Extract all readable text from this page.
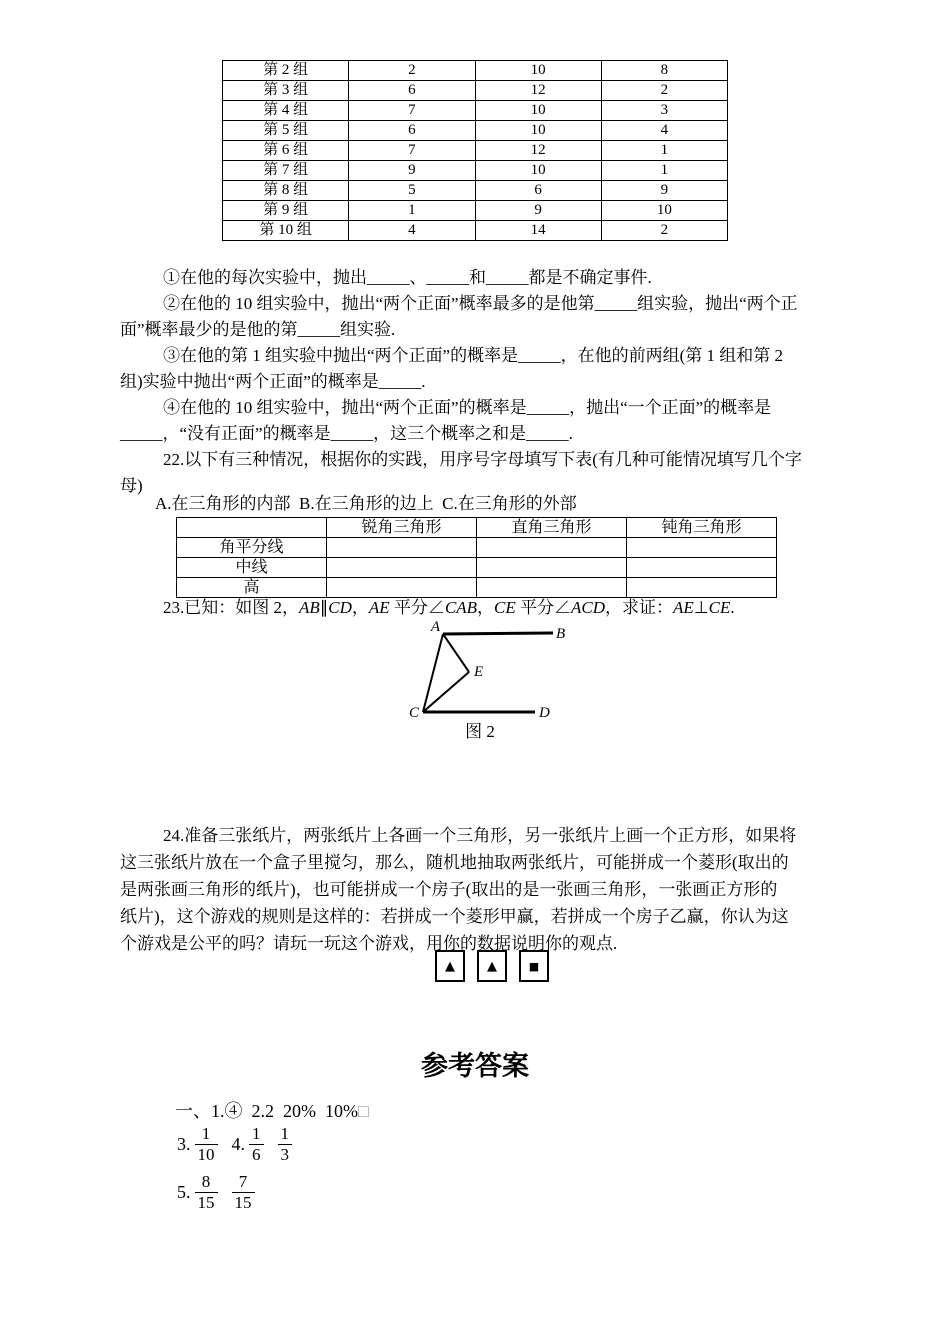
第 2 组	2	10	8
第 3 组	6	12	2
第 4 组	7	10	3
第 5 组	6	10	4
第 6 组	7	12	1
第 7 组	9	10	1
第 8 组	5	6	9
第 9 组	1	9	10
第 10 组	4	14	2
①在他的每次实验中，抛出_____、_____和_____都是不确定事件.
②在他的 10 组实验中，抛出“两个正面”概率最多的是他第_____组实验，抛出“两个正
面”概率最少的是他的第_____组实验.
③在他的第 1 组实验中抛出“两个正面”的概率是_____，在他的前两组(第 1 组和第 2
组)实验中抛出“两个正面”的概率是_____.
④在他的 10 组实验中，抛出“两个正面”的概率是_____，抛出“一个正面”的概率是
_____，“没有正面”的概率是_____，这三个概率之和是_____.
22.以下有三种情况，根据你的实践，用序号字母填写下表(有几种可能情况填写几个字
母)
A.在三角形的内部  B.在三角形的边上  C.在三角形的外部
	锐角三角形	直角三角形	钝角三角形
角平分线			
中线			
高			
23.已知：如图 2，AB∥CD，AE 平分∠CAB，CE 平分∠ACD，求证：AE⊥CE.
A	B
C	D
E
图 2
24.准备三张纸片，两张纸片上各画一个三角形，另一张纸片上画一个正方形，如果将
这三张纸片放在一个盒子里搅匀，那么，随机地抽取两张纸片，可能拼成一个菱形(取出的
是两张画三角形的纸片)，也可能拼成一个房子(取出的是一张画三角形，一张画正方形的
纸片)，这个游戏的规则是这样的：若拼成一个菱形甲赢，若拼成一个房子乙赢，你认为这
个游戏是公平的吗？请玩一玩这个游戏，用你的数据说明你的观点.
▲ ▲	■
参考答案
一、1.④  2.2  20%  10%□
3. $\frac{1}{10} 4$. $\frac{1}{6} \frac{1}{3}$
5. $\frac{8}{15} \frac{7}{15}$
